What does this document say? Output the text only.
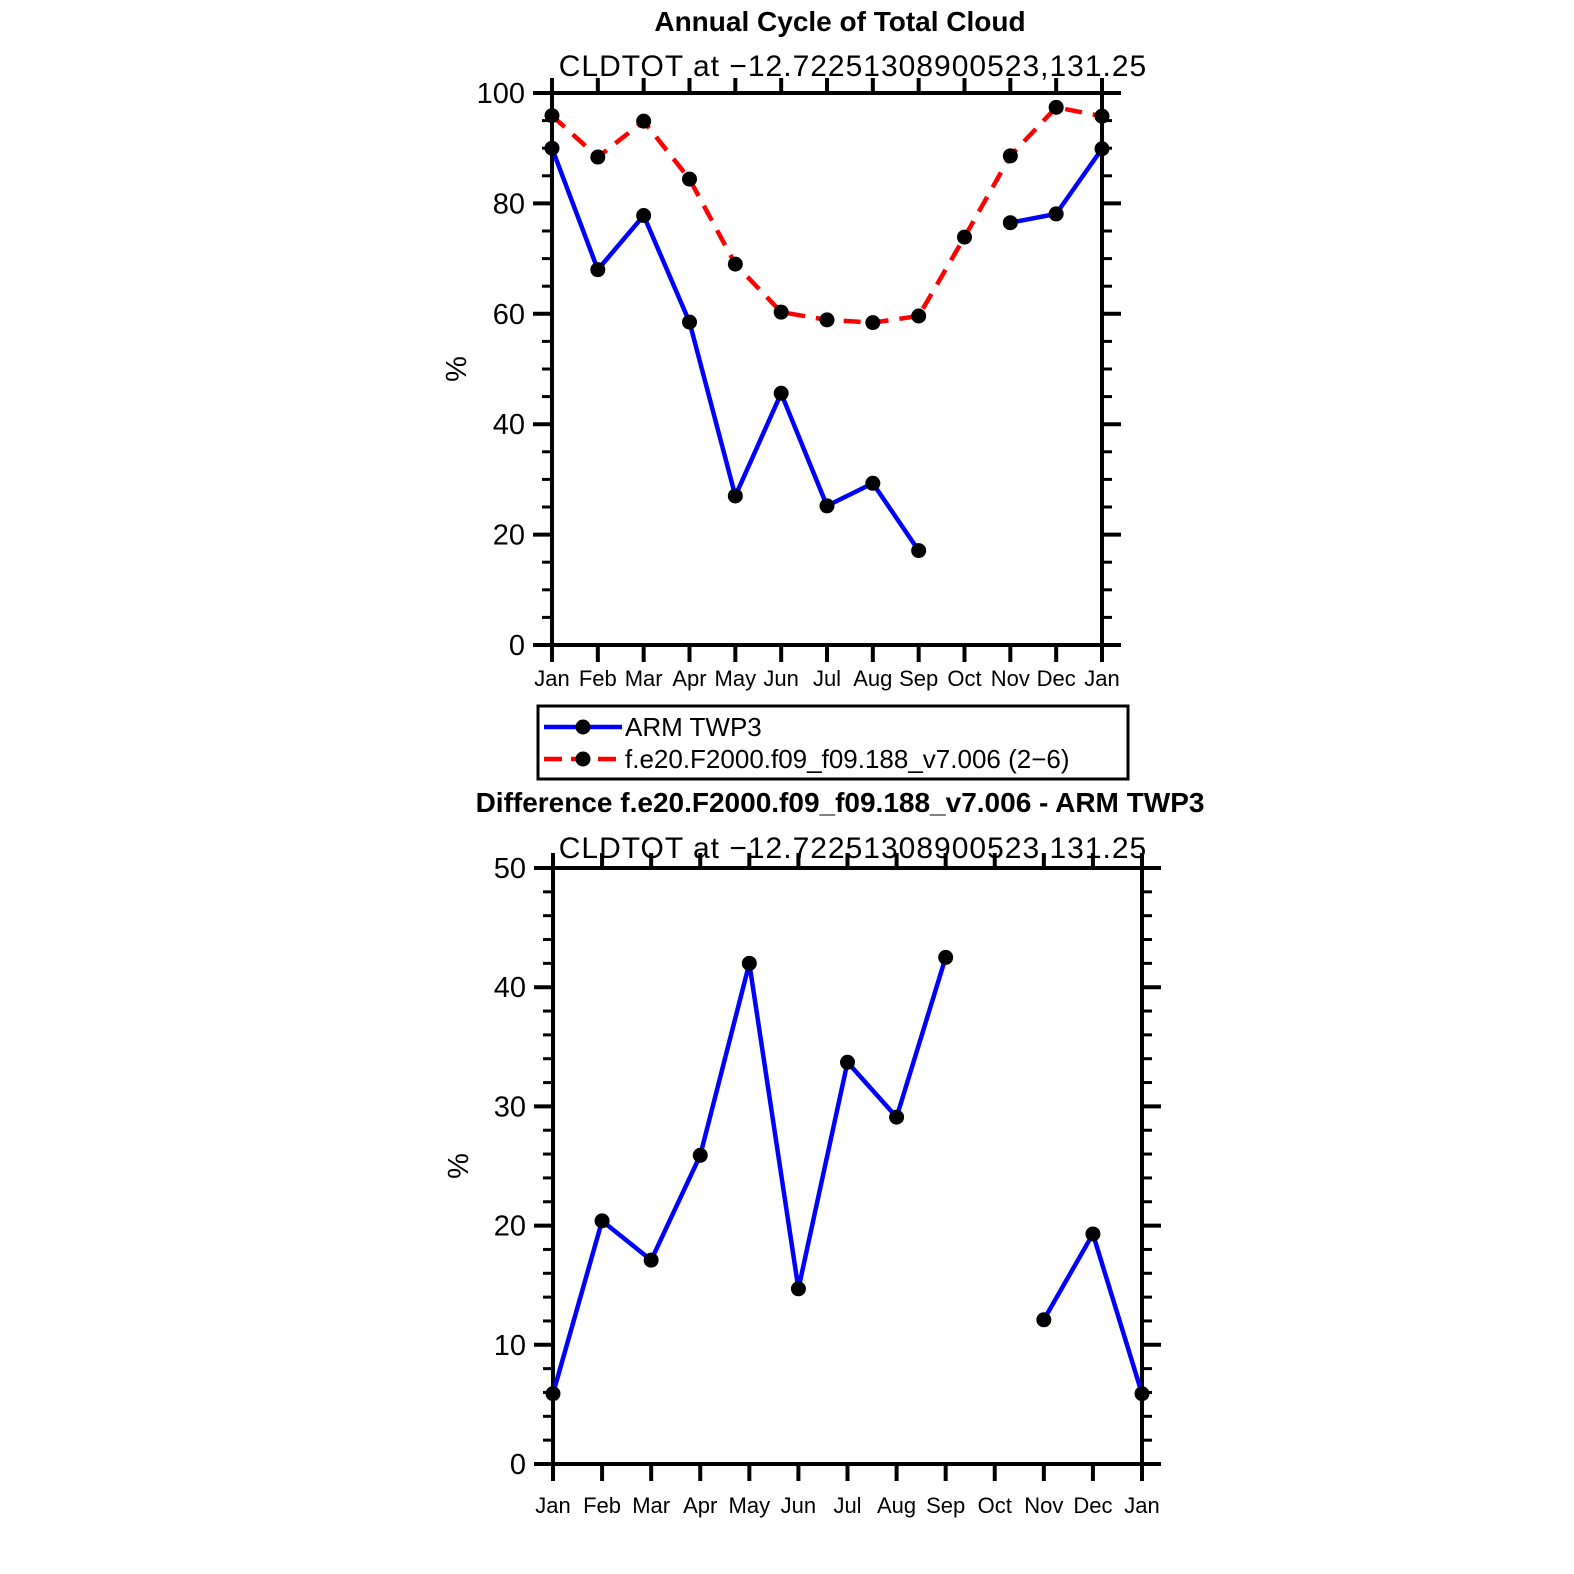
Annual Cycle of Total Cloud
CLDTOT at −12.72251308900523,131.25
Jan Feb Mar Apr May Jun Jul Aug Sep Oct Nov Dec Jan
0
20
40
60
80
100
%
ARM TWP3
f.e20.F2000.f09_f09.188_v7.006 (2−6)
Difference f.e20.F2000.f09_f09.188_v7.006 - ARM TWP3
CLDTOT at −12.72251308900523,131.25
Jan Feb Mar Apr May Jun Jul Aug Sep Oct Nov Dec Jan
0
10
20
30
40
50
%
